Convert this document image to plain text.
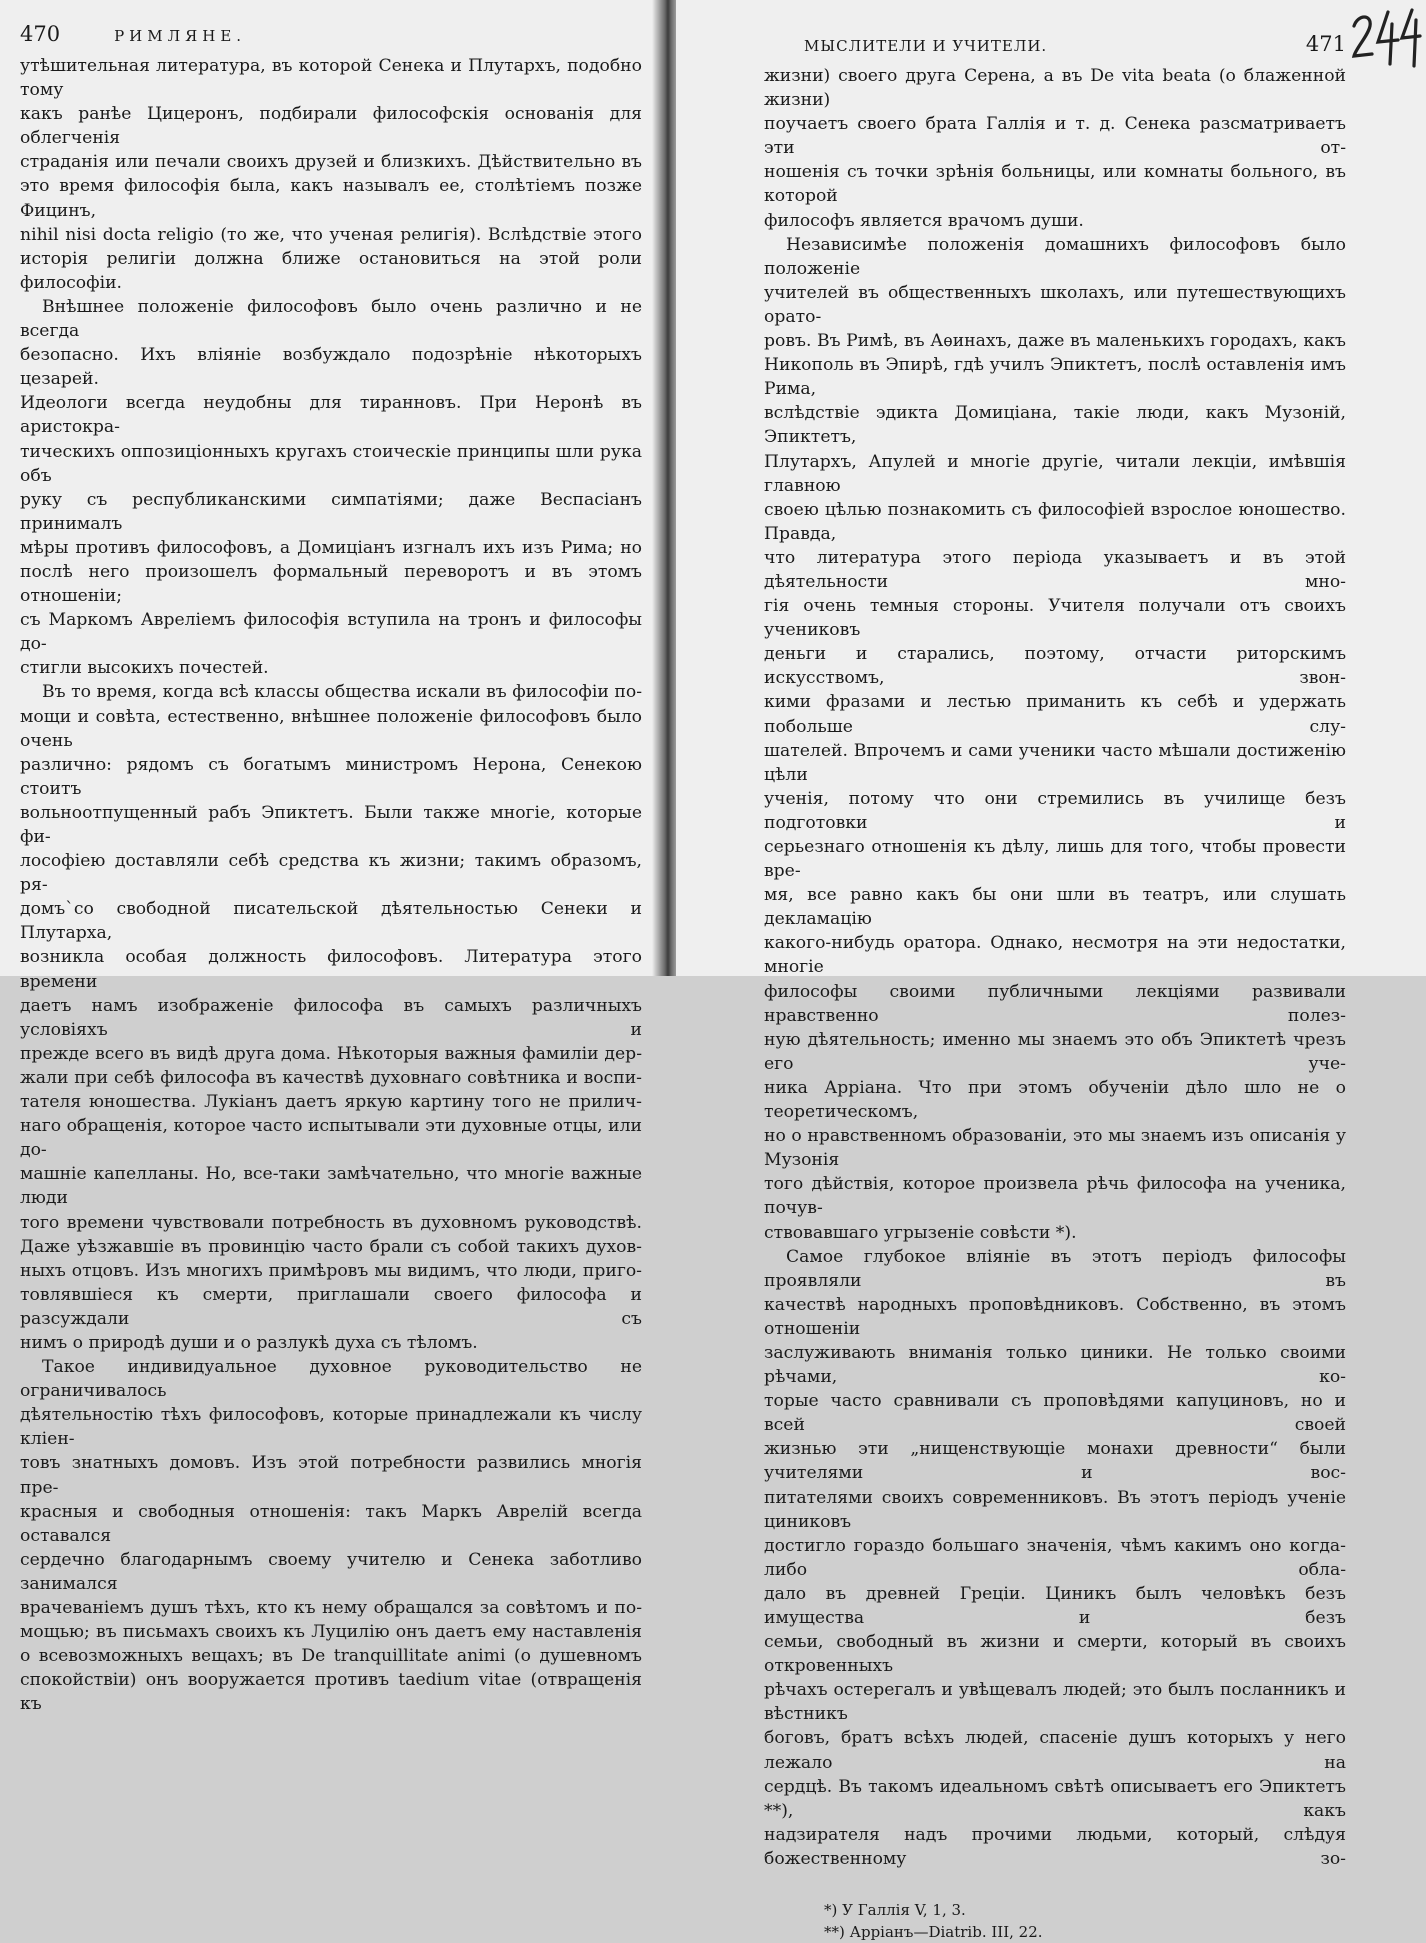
470	РИМЛЯНЕ.

утѣшительная литература, въ которой Сенека и Плутархъ, подобно тому

какъ ранѣе Цицеронъ, подбирали философскія основанія для облегченія

страданія или печали своихъ друзей и близкихъ. Дѣйствительно въ

это время философія была, какъ называлъ ее, столѣтіемъ позже Фицинъ,

nihil nisi docta religio (то же, что ученая религія). Вслѣдствіе этого

исторія религіи должна ближе остановиться на этой роли философіи.

Внѣшнее положеніе философовъ было очень различно и не всегда

безопасно. Ихъ вліяніе возбуждало подозрѣніе нѣкоторыхъ цезарей.

Идеологи всегда неудобны для тиранновъ. При Неронѣ въ аристокра-

тическихъ оппозиціонныхъ кругахъ стоическіе принципы шли рука объ

руку съ республиканскими симпатіями; даже Веспасіанъ принималъ

мѣры противъ философовъ, а Домиціанъ изгналъ ихъ изъ Рима; но

послѣ него произошелъ формальный переворотъ и въ этомъ отношеніи;

съ Маркомъ Авреліемъ философія вступила на тронъ и философы до-

стигли высокихъ почестей.

Въ то время, когда всѣ классы общества искали въ философіи по-

мощи и совѣта, естественно, внѣшнее положеніе философовъ было очень

различно: рядомъ съ богатымъ министромъ Нерона, Сенекою стоитъ

вольноотпущенный рабъ Эпиктетъ. Были также многіе, которые фи-

лософіею доставляли себѣ средства къ жизни; такимъ образомъ, ря-

домъ`со свободной писательской дѣятельностью Сенеки и Плутарха,

возникла особая должность философовъ. Литература этого времени

даетъ намъ изображеніе философа въ самыхъ различныхъ условіяхъ и

прежде всего въ видѣ друга дома. Нѣкоторыя важныя фамиліи дер-

жали при себѣ философа въ качествѣ духовнаго совѣтника и воспи-

тателя юношества. Лукіанъ даетъ яркую картину того не прилич-

наго обращенія, которое часто испытывали эти духовные отцы, или до-

машніе капелланы. Но, все-таки замѣчательно, что многіе важные люди

того времени чувствовали потребность въ духовномъ руководствѣ.

Даже уѣзжавшіе въ провинцію часто брали съ собой такихъ духов-

ныхъ отцовъ. Изъ многихъ примѣровъ мы видимъ, что люди, приго-

товлявшіеся къ смерти, приглашали своего философа и разсуждали съ

нимъ о природѣ души и о разлукѣ духа съ тѣломъ.

Такое индивидуальное духовное руководительство не ограничивалось

дѣятельностію тѣхъ философовъ, которые принадлежали къ числу кліен-

товъ знатныхъ домовъ. Изъ этой потребности развились многія пре-

красныя и свободныя отношенія: такъ Маркъ Аврелій всегда оставался

сердечно благодарнымъ своему учителю и Сенека заботливо занимался

врачеваніемъ душъ тѣхъ, кто къ нему обращался за совѣтомъ и по-

мощью; въ письмахъ своихъ къ Луцилію онъ даетъ ему наставленія

о всевозможныхъ вещахъ; въ De tranquillitate animi (о душевномъ

спокойствіи) онъ вооружается противъ taedium vitae (отвращенія къ

МЫСЛИТЕЛИ И УЧИТЕЛИ.	471

жизни) своего друга Серена, а въ De vita beata (о блаженной жизни)

поучаетъ своего брата Галлія и т. д. Сенека разсматриваетъ эти от-

ношенія съ точки зрѣнія больницы, или комнаты больного, въ которой

философъ является врачомъ души.

Независимѣе положенія домашнихъ философовъ было положеніе

учителей въ общественныхъ школахъ, или путешествующихъ орато-

ровъ. Въ Римѣ, въ Аѳинахъ, даже въ маленькихъ городахъ, какъ

Никополь въ Эпирѣ, гдѣ училъ Эпиктетъ, послѣ оставленія имъ Рима,

вслѣдствіе эдикта Домиціана, такіе люди, какъ Музоній, Эпиктетъ,

Плутархъ, Апулей и многіе другіе, читали лекціи, имѣвшія главною

своею цѣлью познакомить съ философіей взрослое юношество. Правда,

что литература этого періода указываетъ и въ этой дѣятельности мно-

гія очень темныя стороны. Учителя получали отъ своихъ учениковъ

деньги и старались, поэтому, отчасти риторскимъ искусствомъ, звон-

кими фразами и лестью приманить къ себѣ и удержать побольше слу-

шателей. Впрочемъ и сами ученики часто мѣшали достиженію цѣли

ученія, потому что они стремились въ училище безъ подготовки и

серьезнаго отношенія къ дѣлу, лишь для того, чтобы провести вре-

мя, все равно какъ бы они шли въ театръ, или слушать декламацію

какого-нибудь оратора. Однако, несмотря на эти недостатки, многіе

философы своими публичными лекціями развивали нравственно полез-

ную дѣятельность; именно мы знаемъ это объ Эпиктетѣ чрезъ его уче-

ника Арріана. Что при этомъ обученіи дѣло шло не о теоретическомъ,

но о нравственномъ образованіи, это мы знаемъ изъ описанія у Музонія

того дѣйствія, которое произвела рѣчь философа на ученика, почув-

ствовавшаго угрызеніе совѣсти *).

Самое глубокое вліяніе въ этотъ періодъ философы проявляли въ

качествѣ народныхъ проповѣдниковъ. Собственно, въ этомъ отношеніи

заслуживають вниманія только циники. Не только своими рѣчами, ко-

торые часто сравнивали съ проповѣдями капуциновъ, но и всей своей

жизнью эти „нищенствующіе монахи древности“ были учителями и вос-

питателями своихъ современниковъ. Въ этотъ періодъ ученіе циниковъ

достигло гораздо большаго значенія, чѣмъ какимъ оно когда-либо обла-

дало въ древней Греціи. Циникъ былъ человѣкъ безъ имущества и безъ

семьи, свободный въ жизни и смерти, который въ своихъ откровенныхъ

рѣчахъ остерегалъ и увѣщевалъ людей; это былъ посланникъ и вѣстникъ

боговъ, братъ всѣхъ людей, спасеніе душъ которыхъ у него лежало на

сердцѣ. Въ такомъ идеальномъ свѣтѣ описываетъ его Эпиктетъ **), какъ

надзирателя надъ прочими людьми, который, слѣдуя божественному зо-

*) У Галлія V, 1, 3.
**) Арріанъ—Diatrib. III, 22.
